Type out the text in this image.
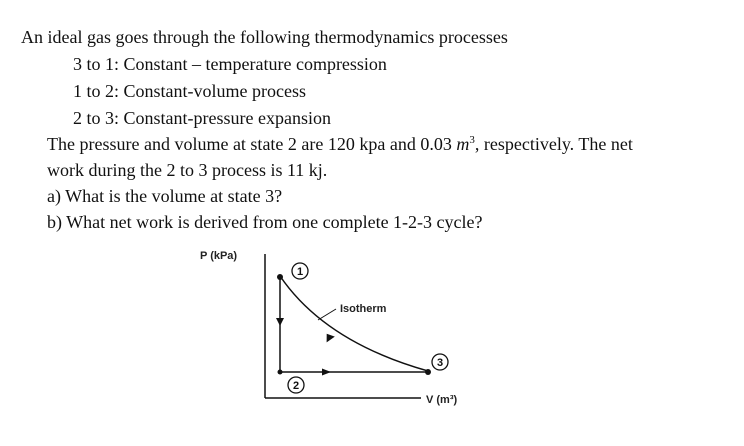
An ideal gas goes through the following thermodynamics processes
3 to 1: Constant – temperature compression
1 to 2: Constant-volume process
2 to 3: Constant-pressure expansion
The pressure and volume at state 2 are 120 kpa and 0.03 $m^3$, respectively. The net
work during the 2 to 3 process is 11 kj.
a) What is the volume at state 3?
b) What net work is derived from one complete 1-2-3 cycle?
P (kPa)
V (m³)
Isotherm
1
2
3
